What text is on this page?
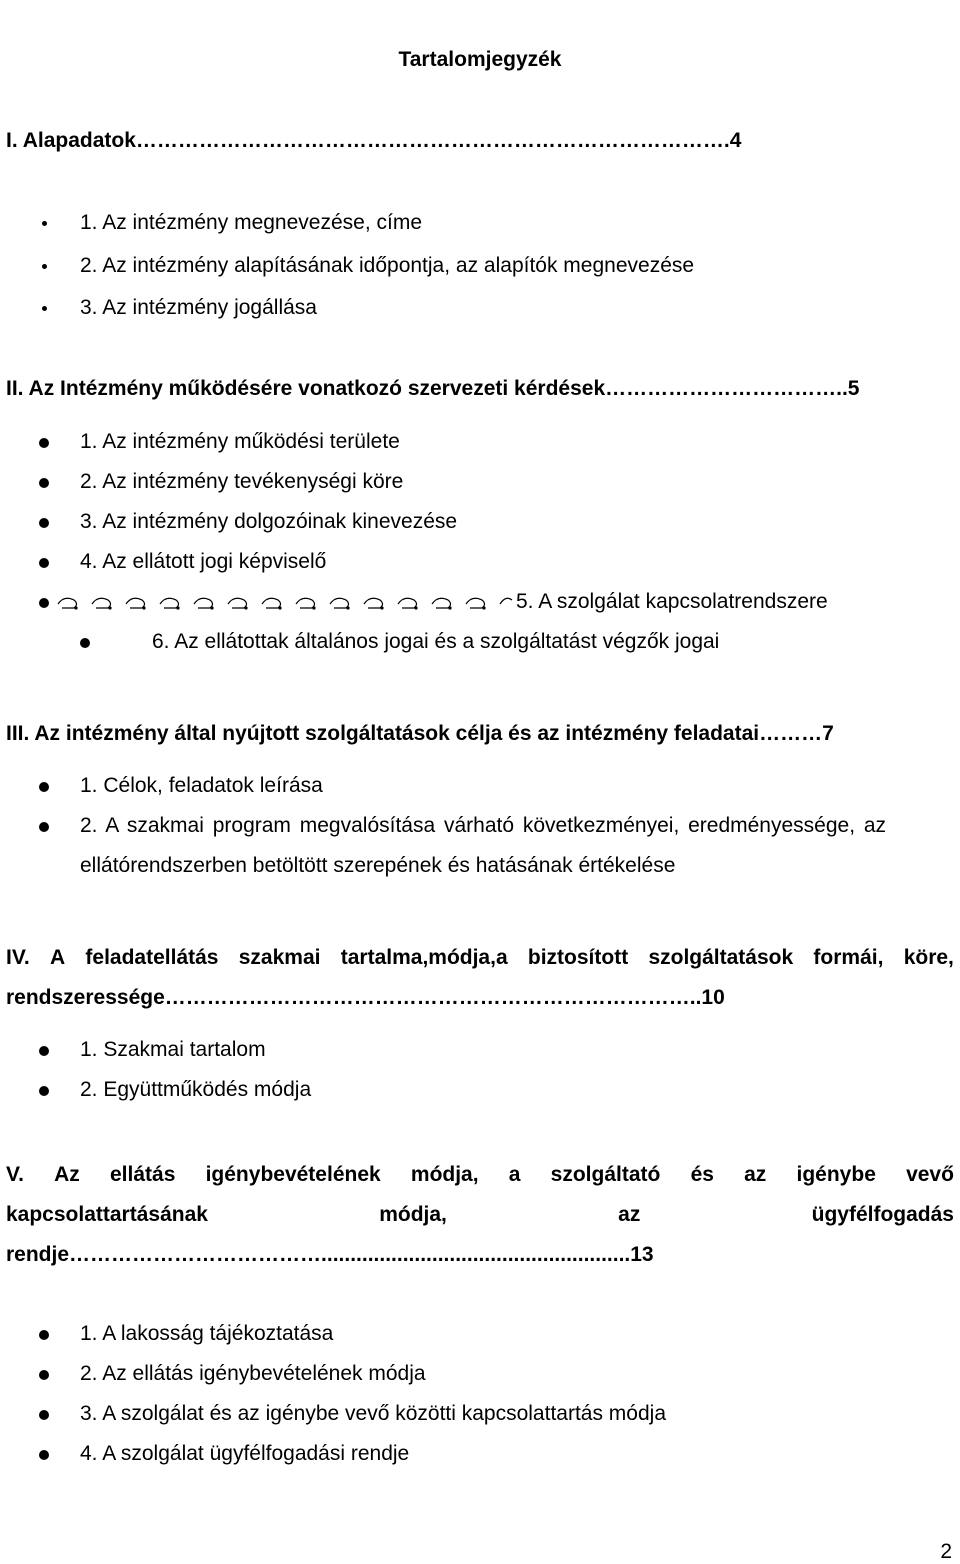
Tartalomjegyzék
I. Alapadatok………………………………………………………………………….4
1. Az intézmény megnevezése, címe
2. Az intézmény alapításának időpontja, az alapítók megnevezése
3. Az intézmény jogállása
II. Az Intézmény működésére vonatkozó szervezeti kérdések……………………………..5
1. Az intézmény működési területe
2. Az intézmény tevékenységi köre
3. Az intézmény dolgozóinak kinevezése
4. Az ellátott jogi képviselő
5. A szolgálat kapcsolatrendszere
6. Az ellátottak általános jogai és a szolgáltatást végzők jogai
III. Az intézmény által nyújtott szolgáltatások célja és az intézmény feladatai………7
1. Célok, feladatok leírása
2. A szakmai program megvalósítása várható következményei, eredményessége, az
ellátórendszerben betöltött szerepének és hatásának értékelése
IV. A feladatellátás szakmai tartalma,módja,a biztosított szolgáltatások formái, köre,
rendszeressége…………………………………………………………………..10
1. Szakmai tartalom
2. Együttműködés módja
V. Az ellátás igénybevételének módja, a szolgáltató és az igénybe vevő
kapcsolattartásának	módja,	az	ügyfélfogadás
rendje……………………………….....................................................13
1. A lakosság tájékoztatása
2. Az ellátás igénybevételének módja
3. A szolgálat és az igénybe vevő közötti kapcsolattartás módja
4. A szolgálat ügyfélfogadási rendje
2
